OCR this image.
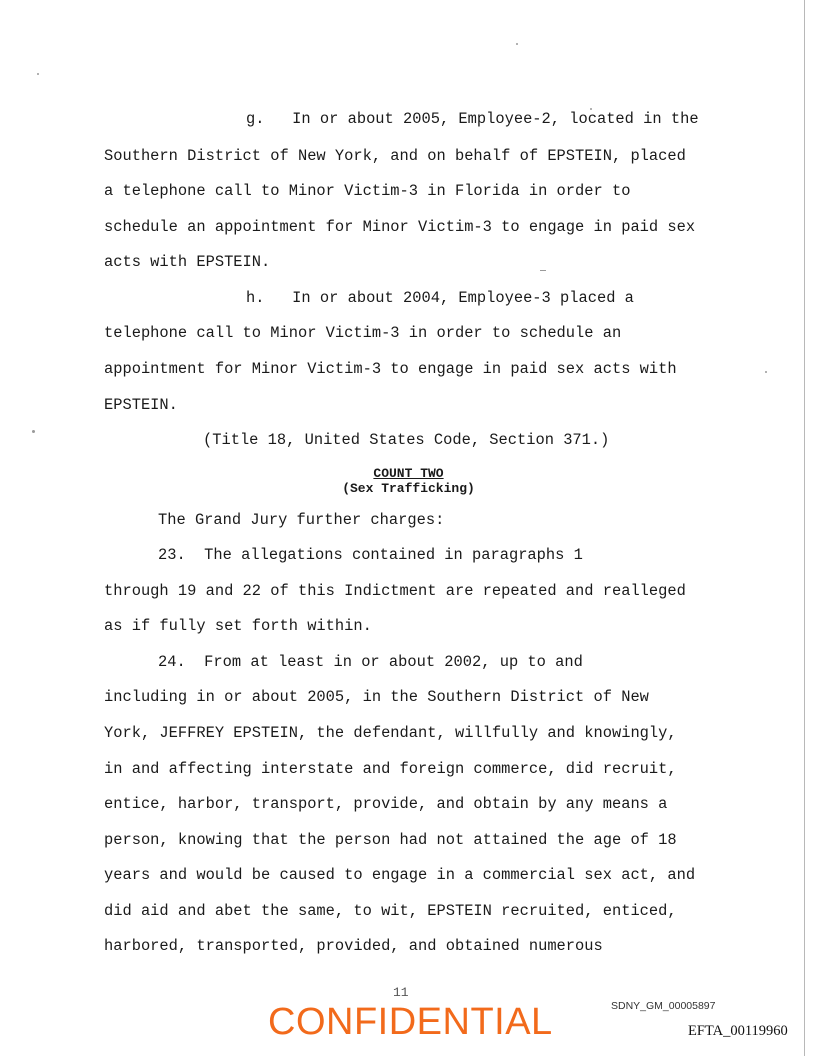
g.   In or about 2005, Employee-2, located in the
Southern District of New York, and on behalf of EPSTEIN, placed
a telephone call to Minor Victim-3 in Florida in order to
schedule an appointment for Minor Victim-3 to engage in paid sex
acts with EPSTEIN.
h.   In or about 2004, Employee-3 placed a
telephone call to Minor Victim-3 in order to schedule an
appointment for Minor Victim-3 to engage in paid sex acts with
EPSTEIN.
(Title 18, United States Code, Section 371.)
COUNT TWO
(Sex Trafficking)
The Grand Jury further charges:
23.  The allegations contained in paragraphs 1
through 19 and 22 of this Indictment are repeated and realleged
as if fully set forth within.
24.  From at least in or about 2002, up to and
including in or about 2005, in the Southern District of New
York, JEFFREY EPSTEIN, the defendant, willfully and knowingly,
in and affecting interstate and foreign commerce, did recruit,
entice, harbor, transport, provide, and obtain by any means a
person, knowing that the person had not attained the age of 18
years and would be caused to engage in a commercial sex act, and
did aid and abet the same, to wit, EPSTEIN recruited, enticed,
harbored, transported, provided, and obtained numerous
11
CONFIDENTIAL	SDNY_GM_00005897
EFTA_00119960
